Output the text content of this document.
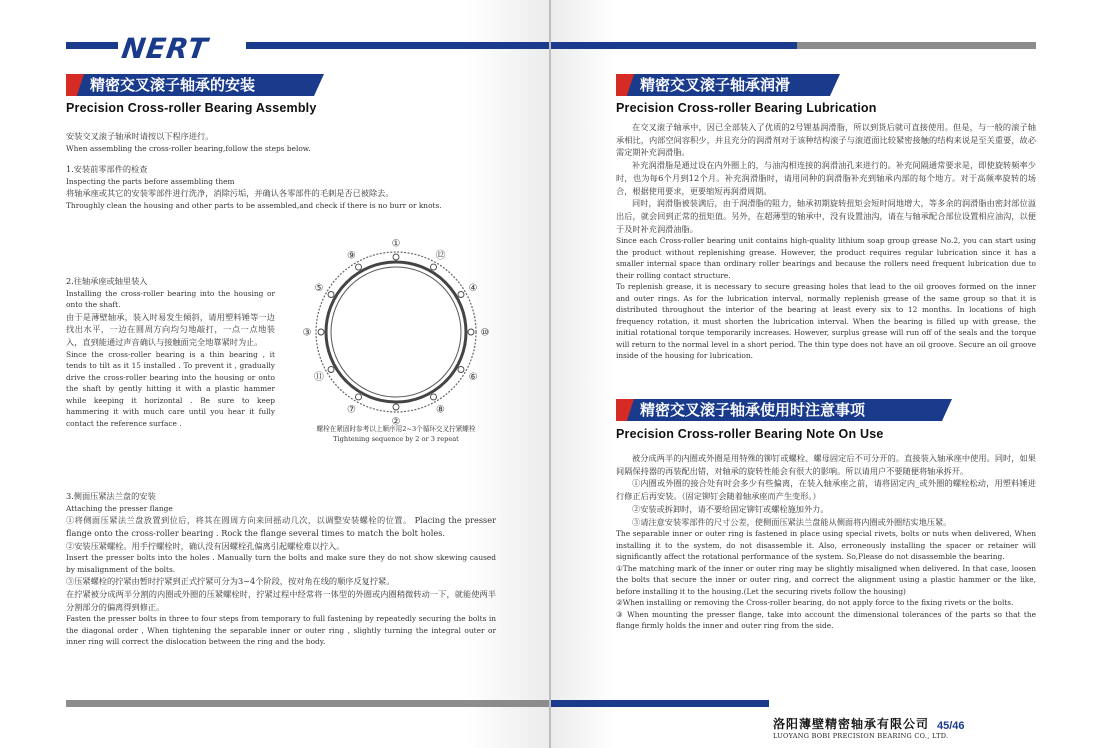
NERT
精密交叉滚子轴承的安装
Precision Cross-roller Bearing Assembly

安装交叉滚子轴承时请按以下程序进行。

When assembling the cross-roller bearing,follow the steps below.

1.安装前零部件的检查

Inspecting the parts before assembling them

将轴承座或其它的安装零部件进行洗净，消除污垢，并确认各零部件的毛刺是否已被除去。

Throughly clean the housing and other parts to be assembled,and check if there is no burr or knots.

2.往轴承座或轴里装入

Installing the cross-roller bearing into the housing or onto the shaft.

由于是薄壁轴承，装入时易发生倾斜，请用塑料锤等一边找出水平，一边在圆周方向均匀地敲打，一点一点地装入，直到能通过声音确认与接触面完全地靠紧时为止。

Since the cross-roller bearing is a thin bearing , it tends to tilt as it 15 installed . To prevent it , gradually drive the cross-roller bearing into the housing or onto the shaft by gently hitting it with a plastic hammer while keeping it horizontal . Be sure to keep hammering it with much care until you hear it fully contact the reference surface .

①
⑫
④
⑩
⑥
⑧
②
⑦
⑪
③
⑤
⑨
螺栓在紧固时参考以上顺序用2~3个循环交叉拧紧螺栓
Tightening sequence by 2 or 3 repeat

3.侧面压紧法兰盘的安装

Attaching the presser flange

①将侧面压紧法兰盘放置到位后，将其在圆周方向来回摇动几次，以调整安装螺栓的位置。 Placing the presser flange onto the cross-roller bearing . Rock the flange several times to match the bolt holes.

②安装压紧螺栓。用手拧螺栓时，确认没有因螺栓孔偏离引起螺栓难以拧入。

Insert the presser bolts into the holes . Manually turn the bolts and make sure they do not show skewing caused by misalignment of the bolts.

③压紧螺栓的拧紧由暂时拧紧到正式拧紧可分为3~4个阶段，按对角在线的顺序反复拧紧。

在拧紧被分成两半分割的内圈或外圈的压紧螺栓时，拧紧过程中经常将一体型的外圈或内圈稍微转动一下，就能使两半分割部分的偏离得到修正。

Fasten the presser bolts in three to four steps from temporary to full fastening by repeatedly securing the bolts in the diagonal order , When tightening the separable inner or outer ring , slightly turning the integral outer or inner ring will correct the dislocation between the ring and the body.

精密交叉滚子轴承润滑
Precision Cross-roller Bearing Lubrication

在交叉滚子轴承中，因已全部装入了优质的2号锂基润滑脂，所以到货后就可直接使用。但是，与一般的滚子轴承相比，内部空间容积少，并且充分的润滑剂对于该种结构滚子与滚道面比较紧密接触的结构来说是至关重要，故必需定期补充润滑脂。

补充润滑脂是通过设在内外圈上的，与油沟相连接的润滑油孔来进行的。补充间隔通常要求是，即使旋转频率少时，也为每6个月到12个月。补充润滑脂时，请用同种的润滑脂补充到轴承内部的每个地方。对于高频率旋转的场合，根据使用要求，更要缩短再润滑周期。

同时，润滑脂被装满后，由于润滑脂的阻力，轴承初期旋转扭矩会短时间地增大，等多余的润滑脂由密封部位溢出后，就会回到正常的扭矩值。另外，在超薄型的轴承中，没有设置油沟，请在与轴承配合部位设置相应油沟，以便于及时补充润滑油脂。

Since each Cross-roller bearing unit contains high-quality lithium soap group grease No.2, you can start using the product without replenishing grease. However, the product requires regular lubrication since it has a smaller internal space than ordinary roller bearings and because the rollers need frequent lubrication due to their rolling contact structure.

To replenish grease, it is necessary to secure greasing holes that lead to the oil grooves formed on the inner and outer rings. As for the lubrication interval, normally replenish grease of the same group so that it is distributed throughout the interior of the bearing at least every six to 12 months. In locations of high frequency rotation, it must shorten the lubrication interval. When the bearing is filled up with grease, the initial rotational torque temporarily increases. However, surplus grease will run off of the seals and the torque will return to the normal level in a short period. The thin type does not have an oil groove. Secure an oil groove inside of the housing for lubrication.

精密交叉滚子轴承使用时注意事项
Precision Cross-roller Bearing Note On Use

被分成两半的内圈或外圈是用特殊的铆钉或螺栓、螺母固定后不可分开的。直接装入轴承座中使用。同时，如果间隔保持器的再装配出错，对轴承的旋转性能会有很大的影响。所以请用户不要随便将轴承拆开。

①内圈或外圈的接合处有时会多少有些偏离，在装入轴承座之前，请将固定内_或外圈的螺栓松动，用塑料锤进行修正后再安装。（固定铆钉会随着轴承座而产生变形。）

②安装或拆卸时，请不要给固定铆钉或螺栓施加外力。

③请注意安装零部件的尺寸公差，使侧面压紧法兰盘能从侧面将内圈或外圈结实地压紧。

The separable inner or outer ring is fastened in place using special rivets, bolts or nuts when delivered, When installing it to the system, do not disassemble it. Also, erroneously installing the spacer or retainer will significantly affect the rotational performance of the system. So,Please do not disassemble the bearing.

①The matching mark of the inner or outer ring may be slightly misaligned when delivered. In that case, loosen the bolts that secure the inner or outer ring, and correct the alignment using a plastic hammer or the like, before installing it to the housing.(Let the securing rivets follow the housing)

②When installing or removing the Cross-roller bearing, do not apply force to the fixing rivets or the bolts.

③ When mounting the presser flange, take into account the dimensional tolerances of the parts so that the flange firmly holds the inner and outer ring from the side.

洛阳薄壁精密轴承有限公司
LUOYANG BOBI PRECISION BEARING CO., LTD.
45/46
